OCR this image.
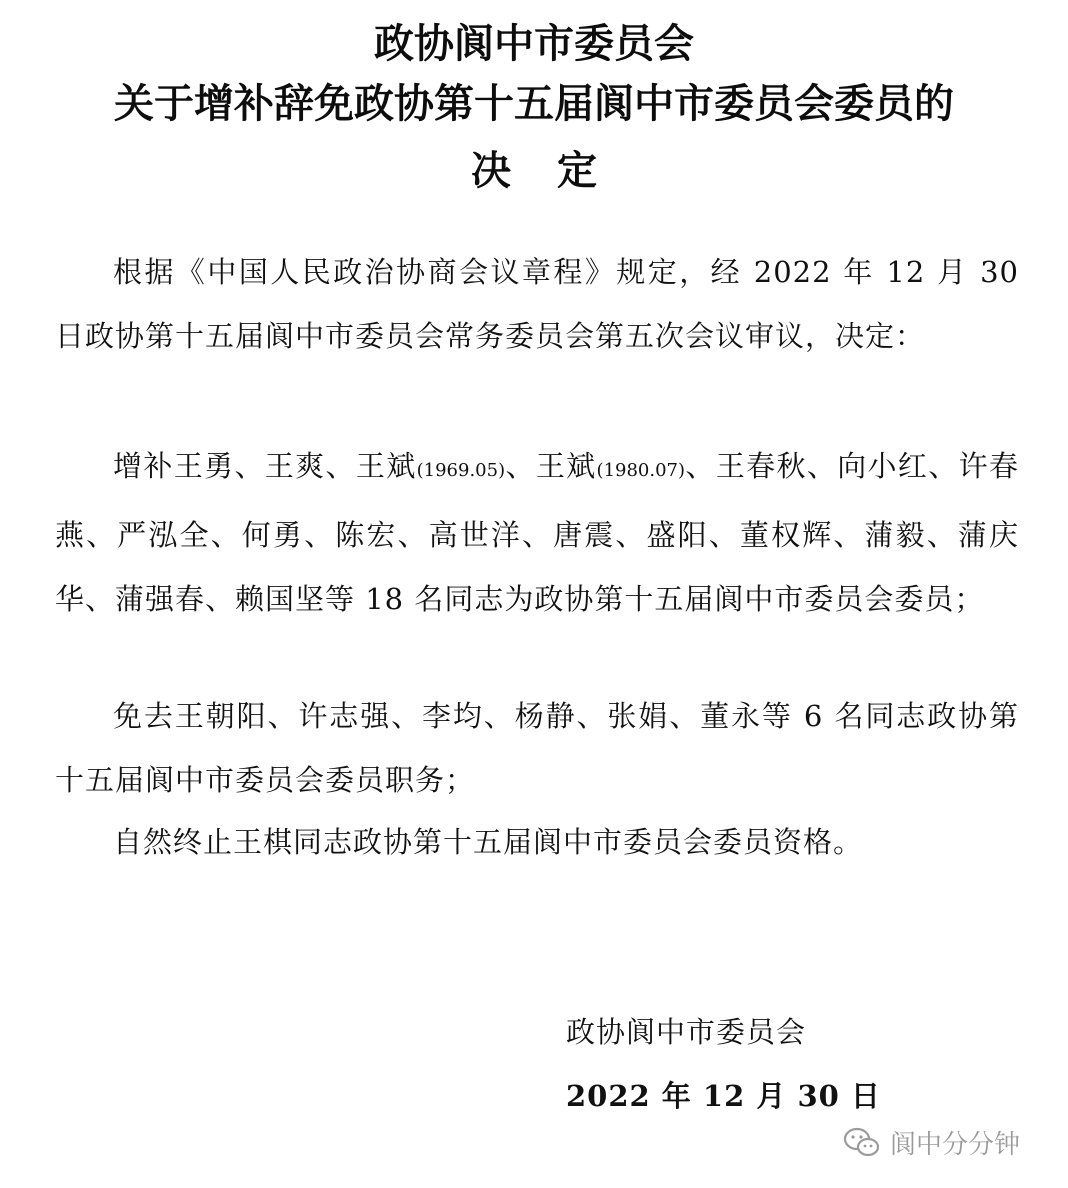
政协阆中市委员会
关于增补辞免政协第十五届阆中市委员会委员的
决定

根据《中国人民政治协商会议章程》规定，经 2022 年 12 月 30 日政协第十五届阆中市委员会常务委员会第五次会议审议，决定：

增补王勇、王爽、王斌(1969.05)、王斌(1980.07)、王春秋、向小红、许春燕、严泓全、何勇、陈宏、高世洋、唐震、盛阳、董权辉、蒲毅、蒲庆华、蒲强春、赖国坚等 18 名同志为政协第十五届阆中市委员会委员；

免去王朝阳、许志强、李均、杨静、张娟、董永等 6 名同志政协第十五届阆中市委员会委员职务；

自然终止王棋同志政协第十五届阆中市委员会委员资格。

政协阆中市委员会

2022 年 12 月 30 日

阆中分分钟
